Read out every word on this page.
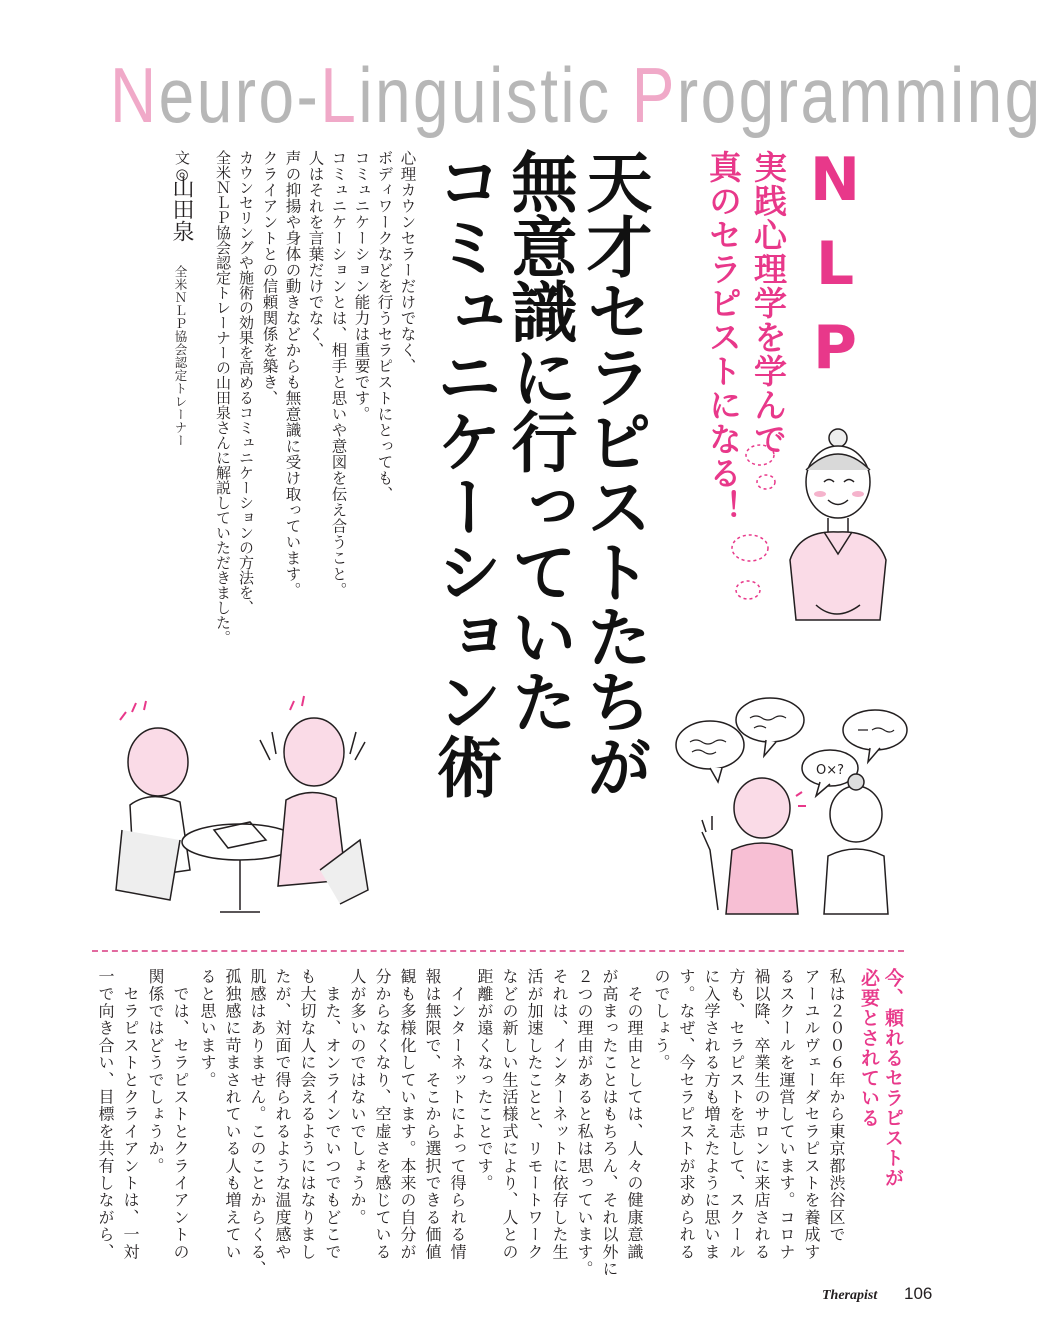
Neuro-Linguistic Programming
NLP
実践心理学を学んで
真のセラピストになる！
天才セラピストたちが
無意識に行っていた
コミュニケーション術
心理カウンセラーだけでなく、
ボディワークなどを行うセラピストにとっても、
コミュニケーション能力は重要です。
コミュニケーションとは、相手と思いや意図を伝え合うこと。
人はそれを言葉だけでなく、
声の抑揚や身体の動きなどからも無意識に受け取っています。
クライアントとの信頼関係を築き、
カウンセリングや施術の効果を高めるコミュニケーションの方法を、
全米ＮＬＰ協会認定トレーナーの山田泉さんに解説していただきました。
文◎
山田泉
全米ＮＬＰ協会認定トレーナー
O×?
今、頼れるセラピストが
必要とされている
私は２００６年から東京都渋谷区で
アーユルヴェーダセラピストを養成す
るスクールを運営しています。コロナ
禍以降、卒業生のサロンに来店される
方も、セラピストを志して、スクール
に入学される方も増えたように思いま
す。なぜ、今セラピストが求められる
のでしょう。
　その理由としては、人々の健康意識
が高まったことはもちろん、それ以外に
２つの理由があると私は思っています。
それは、インターネットに依存した生
活が加速したことと、リモートワーク
などの新しい生活様式により、人との
距離が遠くなったことです。
　インターネットによって得られる情
報は無限で、そこから選択できる価値
観も多様化しています。本来の自分が
分からなくなり、空虚さを感じている
人が多いのではないでしょうか。
　また、オンラインでいつでもどこで
も大切な人に会えるようにはなりまし
たが、対面で得られるような温度感や
肌感はありません。このことからくる、
孤独感に苛まされている人も増えてい
ると思います。
　では、セラピストとクライアントの
関係ではどうでしょうか。
　セラピストとクライアントは、一対
一で向き合い、目標を共有しながら、
Therapist 106
